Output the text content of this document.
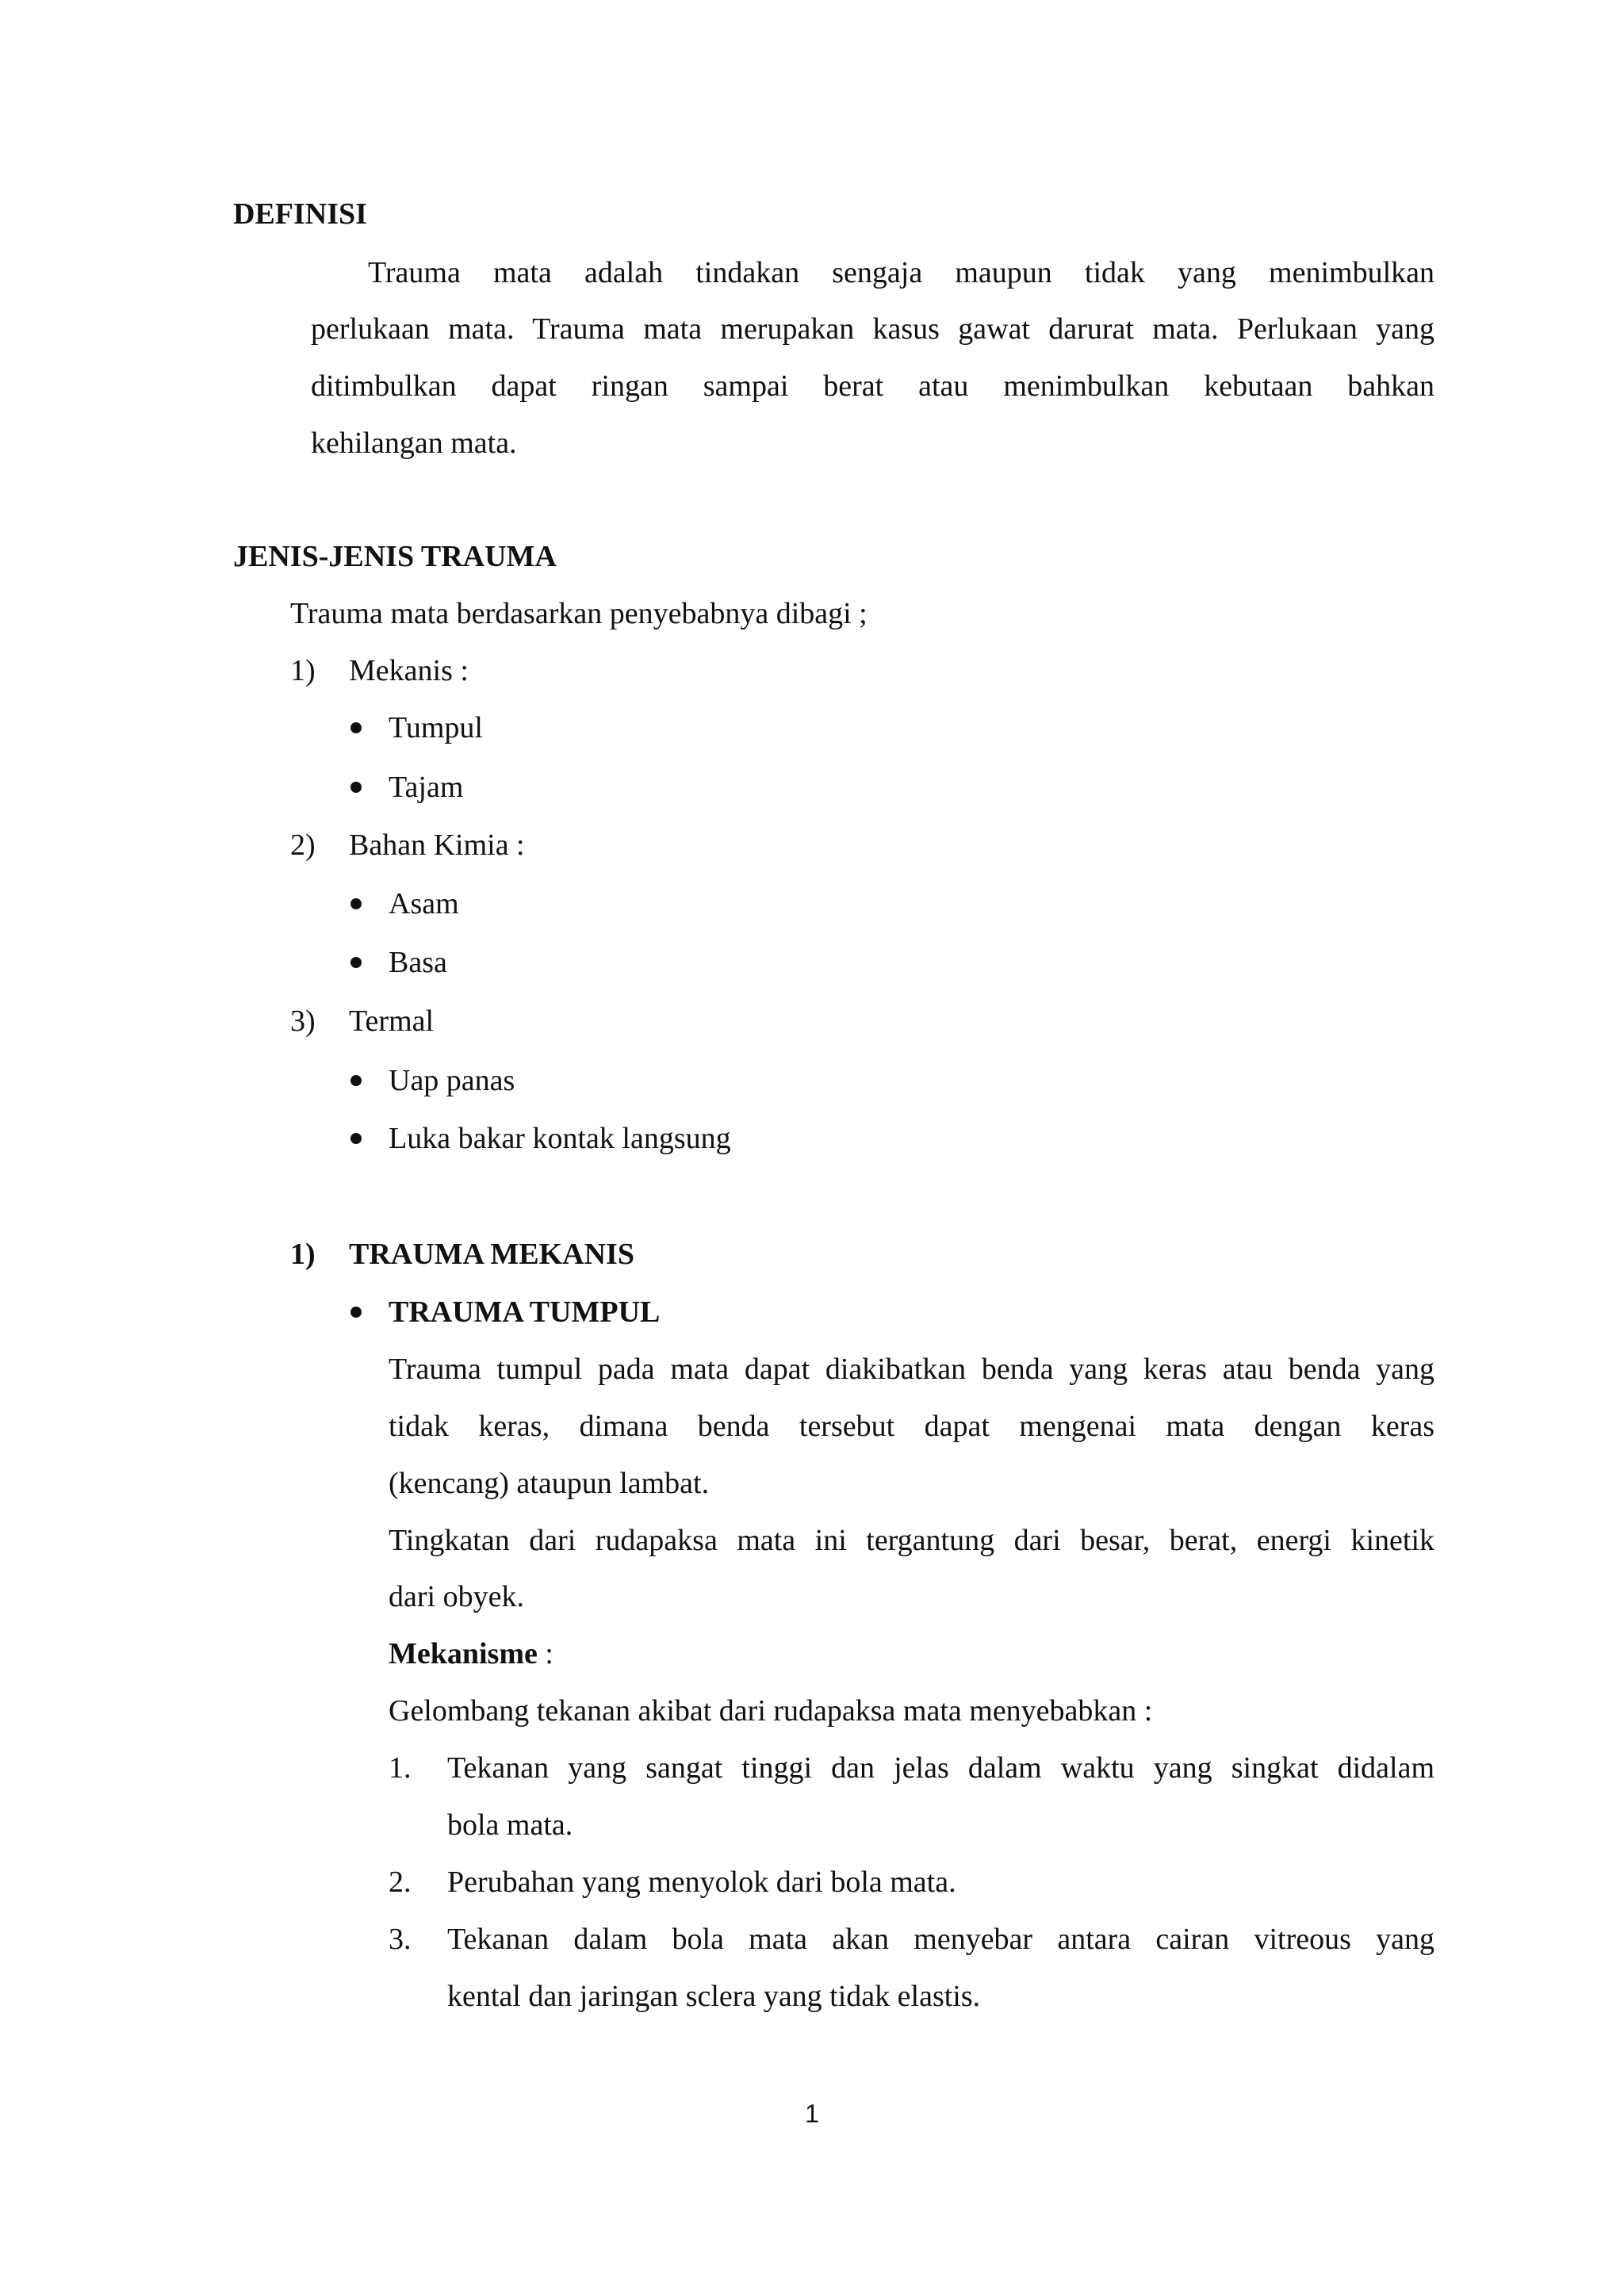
DEFINISI
Trauma mata adalah tindakan sengaja maupun tidak yang menimbulkan
perlukaan mata. Trauma mata merupakan kasus gawat darurat mata. Perlukaan yang
ditimbulkan dapat ringan sampai berat atau menimbulkan kebutaan bahkan
kehilangan mata.
JENIS-JENIS TRAUMA
Trauma mata berdasarkan penyebabnya dibagi ;
1) Mekanis :
Tumpul
Tajam
2) Bahan Kimia :
Asam
Basa
3) Termal
Uap panas
Luka bakar kontak langsung
1) TRAUMA MEKANIS
TRAUMA TUMPUL
Trauma tumpul pada mata dapat diakibatkan benda yang keras atau benda yang
tidak keras, dimana benda tersebut dapat mengenai mata dengan keras
(kencang) ataupun lambat.
Tingkatan dari rudapaksa mata ini tergantung dari besar, berat, energi kinetik
dari obyek.
Mekanisme :
Gelombang tekanan akibat dari rudapaksa mata menyebabkan :
1. Tekanan yang sangat tinggi dan jelas dalam waktu yang singkat didalam
bola mata.
2. Perubahan yang menyolok dari bola mata.
3. Tekanan dalam bola mata akan menyebar antara cairan vitreous yang
kental dan jaringan sclera yang tidak elastis.
1
